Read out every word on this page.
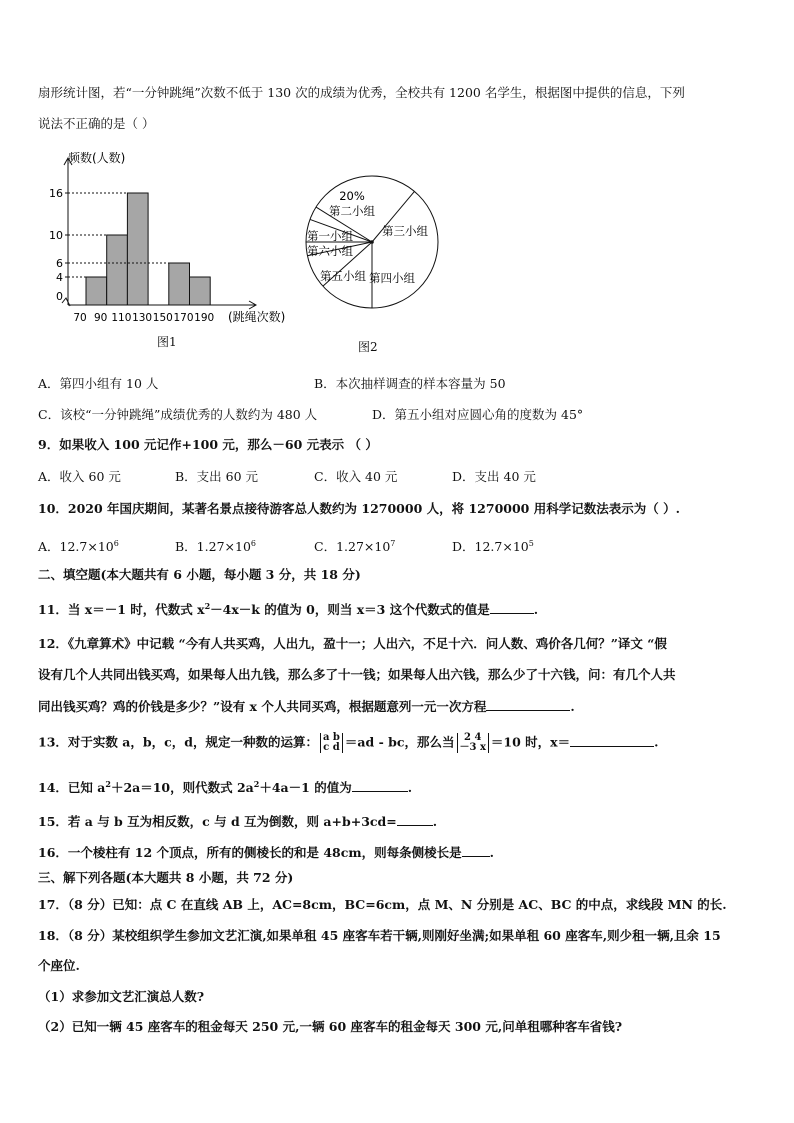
扇形统计图，若“一分钟跳绳”次数不低于 130 次的成绩为优秀，全校共有 1200 名学生，根据图中提供的信息，下列
说法不正确的是（ ）
频数(人数)
4
6
10
16
0
70 90 110 130 150 170 190 (跳绳次数)
图1
20%
第二小组
第三小组
第四小组
第五小组
第六小组
第一小组
图2
A．第四小组有 10 人	B．本次抽样调查的样本容量为 50
C．该校“一分钟跳绳”成绩优秀的人数约为 480 人	D．第五小组对应圆心角的度数为 45°
9．如果收入 100 元记作+100 元，那么－60 元表示 （ ）
A．收入 60 元	B．支出 60 元	C．收入 40 元	D．支出 40 元
10．2020 年国庆期间，某著名景点接待游客总人数约为 1270000 人，将 1270000 用科学记数法表示为（ ）.
A．$12.7\times 10^6$	B．$1.27\times 10^6$	C．$1.27\times 10^7$	D．$12.7\times 10^5$
二、填空题(本大题共有 6 小题，每小题 3 分，共 18 分)
11．当 x＝－1 时，代数式 $x^2-4x-k$ 的值为 0，则当 x＝3 这个代数式的值是	.
12．《九章算术》中记载 “今有人共买鸡，人出九，盈十一；人出六，不足十六．问人数、鸡价各几何？”译文 “假
设有几个人共同出钱买鸡，如果每人出九钱，那么多了十一钱；如果每人出六钱，那么少了十六钱，问：有几个人共
同出钱买鸡？鸡的价钱是多少？”设有 x 个人共同买鸡，根据题意列一元一次方程	.
13．对于实数 a，b，c，d，规定一种数的运算： a b
c d ＝ad - bc，那么当 2 4
－3 x ＝10 时，x＝	.
14．已知 $a^2+2a=10$，则代数式 $2a^2+4a-1$ 的值为	.
15．若 a 与 b 互为相反数，c 与 d 互为倒数，则 a+b+3cd=	.
16．一个棱柱有 12 个顶点，所有的侧棱长的和是 48cm，则每条侧棱长是 .
三、解下列各题(本大题共 8 小题，共 72 分)
17．（8 分）已知：点 C 在直线 AB 上，AC=8cm，BC=6cm，点 M、N 分别是 AC、BC 的中点，求线段 MN 的长.
18．（8 分）某校组织学生参加文艺汇演,如果单租 45 座客车若干辆,则刚好坐满;如果单租 60 座客车,则少租一辆,且余 15
个座位.
（1）求参加文艺汇演总人数?
（2）已知一辆 45 座客车的租金每天 250 元,一辆 60 座客车的租金每天 300 元,问单租哪种客车省钱?
